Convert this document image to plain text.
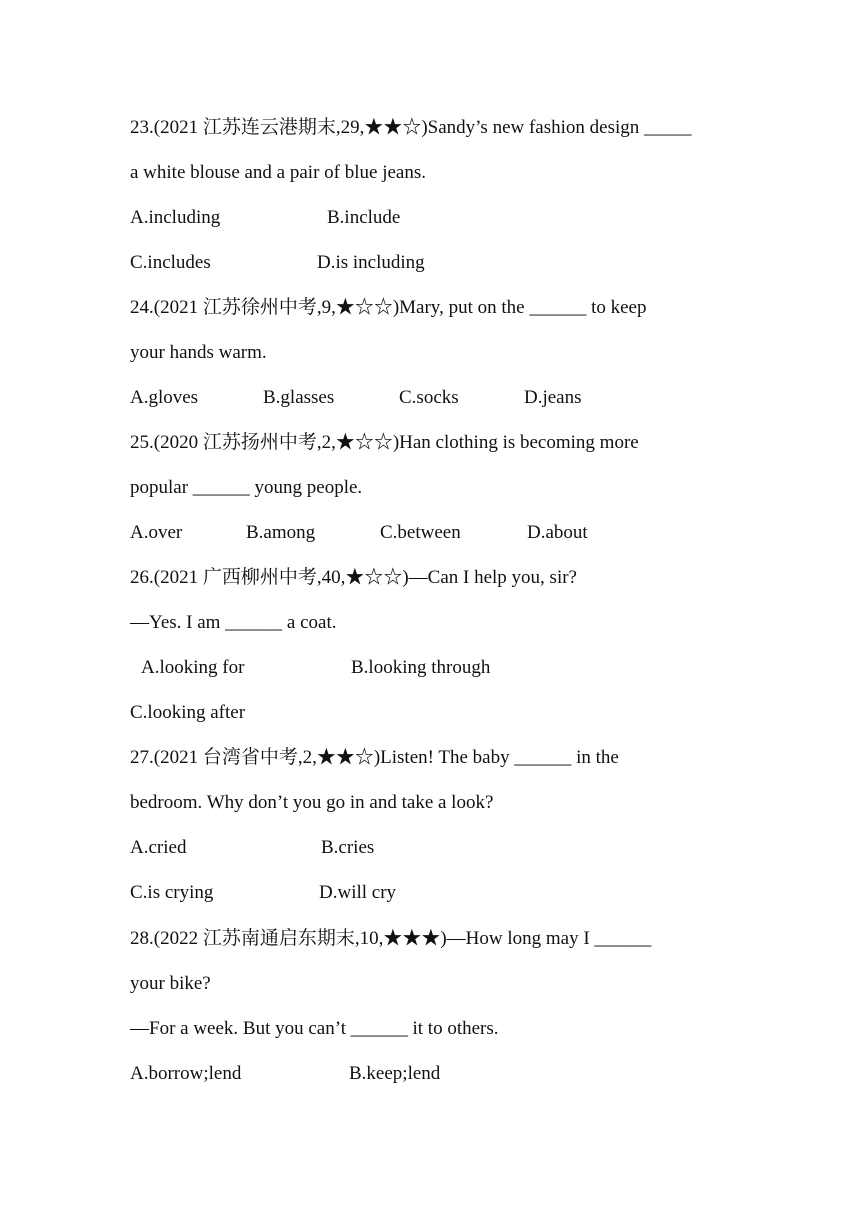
23.(2021 江苏连云港期末,29,★★☆)Sandy’s new fashion design _____
a white blouse and a pair of blue jeans.
A.including	B.include
C.includes	D.is including
24.(2021 江苏徐州中考,9,★☆☆)Mary, put on the ______ to keep
your hands warm.
A.gloves	B.glasses	C.socks	D.jeans
25.(2020 江苏扬州中考,2,★☆☆)Han clothing is becoming more
popular ______ young people.
A.over	B.among	C.between	D.about
26.(2021 广西柳州中考,40,★☆☆)—Can I help you, sir?
—Yes. I am ______ a coat.
A.looking for	B.looking through
C.looking after
27.(2021 台湾省中考,2,★★☆)Listen! The baby ______ in the
bedroom. Why don’t you go in and take a look?
A.cried	B.cries
C.is crying	D.will cry
28.(2022 江苏南通启东期末,10,★★★)—How long may I ______
your bike?
—For a week. But you can’t ______ it to others.
A.borrow;lend	B.keep;lend
